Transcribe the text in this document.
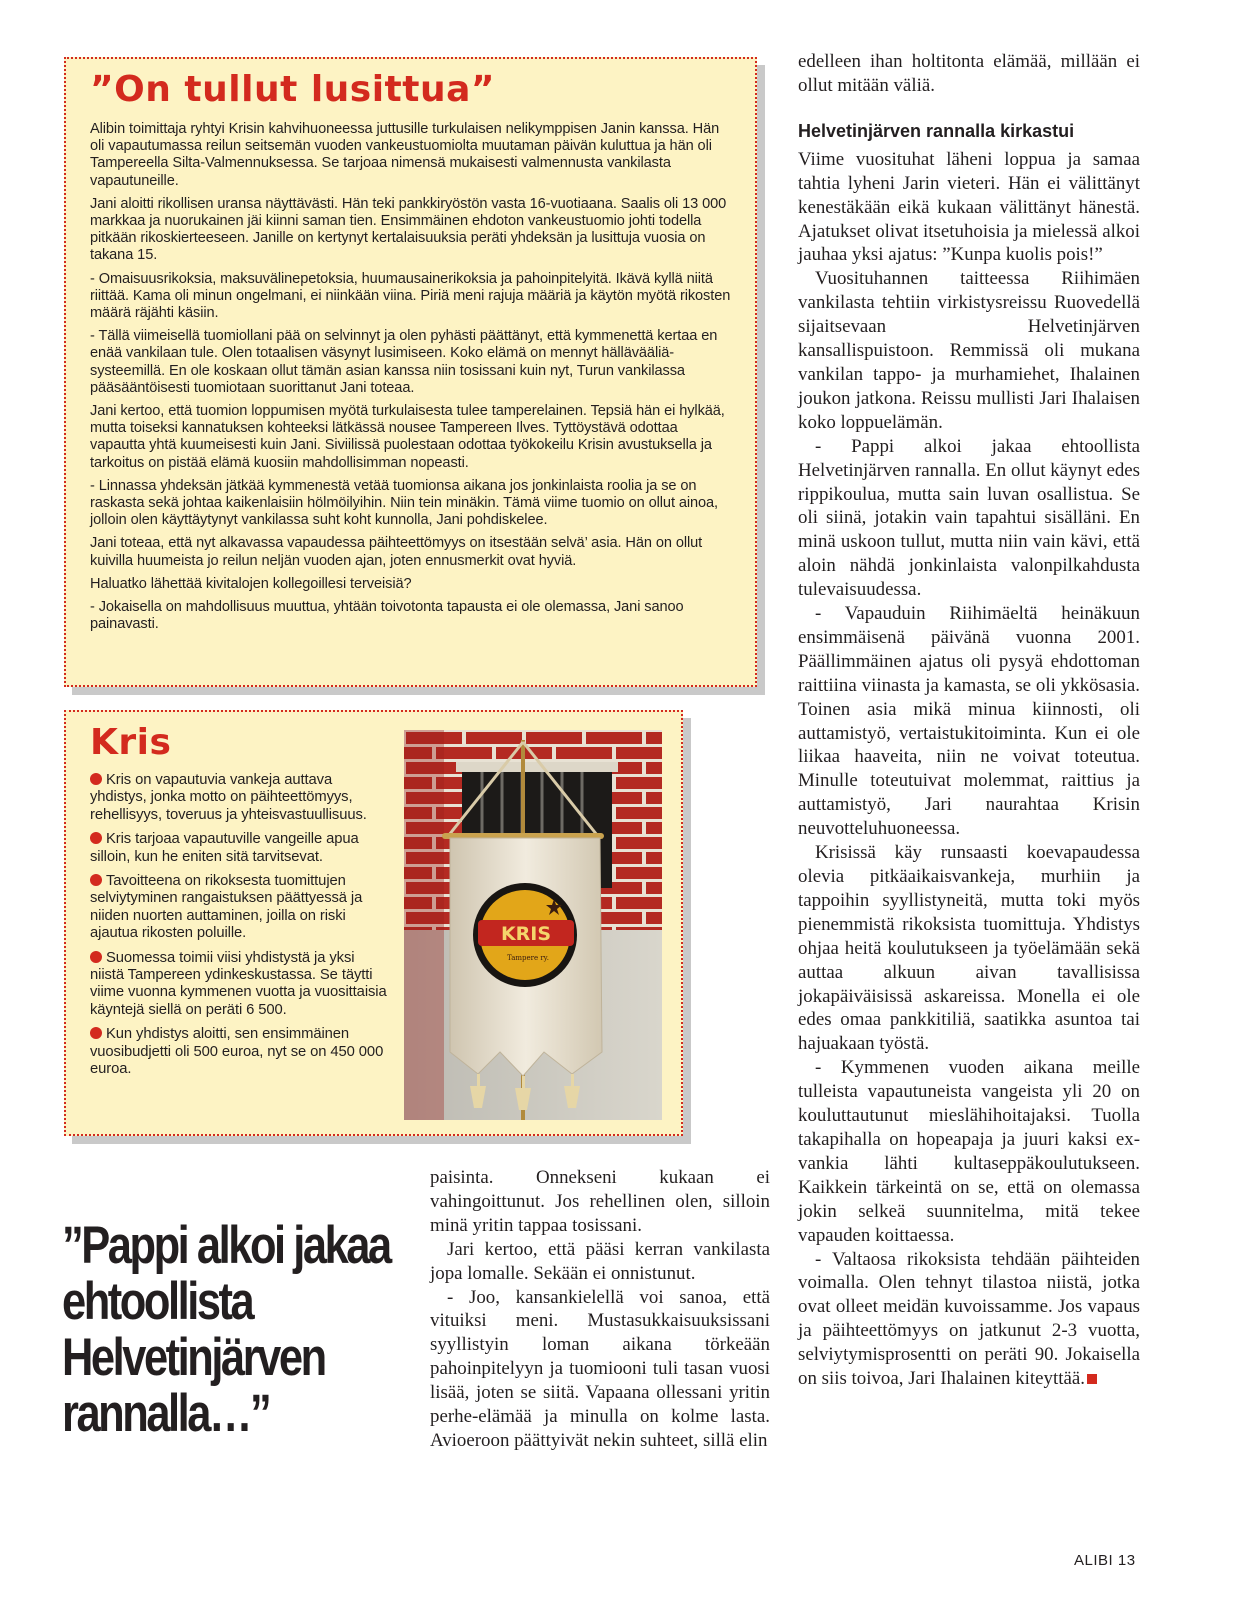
”On tullut lusittua”

Alibin toimittaja ryhtyi Krisin kahvihuoneessa juttusille turkulaisen nelikymppisen Janin kanssa. Hän oli vapautumassa reilun seitsemän vuoden vankeustuomiolta muutaman päivän kuluttua ja hän oli Tampereella Silta-Valmennuksessa. Se tarjoaa nimensä mukaisesti valmennusta vankilasta vapautuneille.

Jani aloitti rikollisen uransa näyttävästi. Hän teki pankkiryöstön vasta 16-vuotiaana. Saalis oli 13 000 markkaa ja nuorukainen jäi kiinni saman tien. Ensimmäinen ehdoton vankeustuomio johti todella pitkään rikoskierteeseen. Janille on kertynyt kertalaisuuksia peräti yhdeksän ja lusittuja vuosia on takana 15.

- Omaisuusrikoksia, maksuvälinepetoksia, huumausainerikoksia ja pahoinpitelyitä. Ikävä kyllä niitä riittää. Kama oli minun ongelmani, ei niinkään viina. Piriä meni rajuja määriä ja käytön myötä rikosten määrä räjähti käsiin.

- Tällä viimeisellä tuomiollani pää on selvinnyt ja olen pyhästi päättänyt, että kymmenettä kertaa en enää vankilaan tule. Olen totaalisen väsynyt lusimiseen. Koko elämä on mennyt hällävääliä-systeemillä. En ole koskaan ollut tämän asian kanssa niin tosissani kuin nyt, Turun vankilassa pääsääntöisesti tuomiotaan suorittanut Jani toteaa.

Jani kertoo, että tuomion loppumisen myötä turkulaisesta tulee tamperelainen. Tepsiä hän ei hylkää, mutta toiseksi kannatuksen kohteeksi lätkässä nousee Tampereen Ilves. Tyttöystävä odottaa vapautta yhtä kuumeisesti kuin Jani. Siviilissä puolestaan odottaa työkokeilu Krisin avustuksella ja tarkoitus on pistää elämä kuosiin mahdollisimman nopeasti.

- Linnassa yhdeksän jätkää kymmenestä vetää tuomionsa aikana jos jonkinlaista roolia ja se on raskasta sekä johtaa kaikenlaisiin hölmöilyihin. Niin tein minäkin. Tämä viime tuomio on ollut ainoa, jolloin olen käyttäytynyt vankilassa suht koht kunnolla, Jani pohdiskelee.

Jani toteaa, että nyt alkavassa vapaudessa päihteettömyys on itsestään selvä’ asia. Hän on ollut kuivilla huumeista jo reilun neljän vuoden ajan, joten ennusmerkit ovat hyviä.

Haluatko lähettää kivitalojen kollegoillesi terveisiä?

- Jokaisella on mahdollisuus muuttua, yhtään toivotonta tapausta ei ole olemassa, Jani sanoo painavasti.

Kris
Kris on vapautuvia vankeja auttava yhdistys, jonka motto on päihteettömyys, rehellisyys, toveruus ja yhteisvastuullisuus.
Kris tarjoaa vapautuville vangeille apua silloin, kun he eniten sitä tarvitsevat.
Tavoitteena on rikoksesta tuomittujen selviytyminen rangaistuksen päättyessä ja niiden nuorten auttaminen, joilla on riski ajautua rikosten poluille.
Suomessa toimii viisi yhdistystä ja yksi niistä Tampereen ydinkeskustassa. Se täytti viime vuonna kymmenen vuotta ja vuosittaisia käyntejä siellä on peräti 6 500.
Kun yhdistys aloitti, sen ensimmäinen vuosibudjetti oli 500 euroa, nyt se on 450 000 euroa.
KRIS
Tampere ry.
”Pappi alkoi jakaa ehtoollista Helvetinjärven rannalla…”

paisinta. Onnekseni kukaan ei vahingoittunut. Jos rehellinen olen, silloin minä yritin tappaa tosissani.

Jari kertoo, että pääsi kerran vankilasta jopa lomalle. Sekään ei onnistunut.

- Joo, kansankielellä voi sanoa, että vituiksi meni. Mustasukkaisuuksissani syyllistyin loman aikana törkeään pahoinpitelyyn ja tuomiooni tuli tasan vuosi lisää, joten se siitä. Vapaana ollessani yritin perhe-elämää ja minulla on kolme lasta. Avioeroon päättyivät nekin suhteet, sillä elin

edelleen ihan holtitonta elämää, millään ei ollut mitään väliä.

Helvetinjärven rannalla kirkastui

Viime vuosituhat läheni loppua ja samaa tahtia lyheni Jarin vieteri. Hän ei välittänyt kenestäkään eikä kukaan välittänyt hänestä. Ajatukset olivat itsetuhoisia ja mielessä alkoi jauhaa yksi ajatus: ”Kunpa kuolis pois!”

Vuosituhannen taitteessa Riihimäen vankilasta tehtiin virkistysreissu Ruovedellä sijaitsevaan Helvetinjärven kansallispuistoon. Remmissä oli mukana vankilan tappo- ja murhamiehet, Ihalainen joukon jatkona. Reissu mullisti Jari Ihalaisen koko loppuelämän.

- Pappi alkoi jakaa ehtoollista Helvetinjärven rannalla. En ollut käynyt edes rippikoulua, mutta sain luvan osallistua. Se oli siinä, jotakin vain tapahtui sisälläni. En minä uskoon tullut, mutta niin vain kävi, että aloin nähdä jonkinlaista valonpilkahdusta tulevaisuudessa.

- Vapauduin Riihimäeltä heinäkuun ensimmäisenä päivänä vuonna 2001. Päällimmäinen ajatus oli pysyä ehdottoman raittiina viinasta ja kamasta, se oli ykkösasia. Toinen asia mikä minua kiinnosti, oli auttamistyö, vertaistukitoiminta. Kun ei ole liikaa haaveita, niin ne voivat toteutua. Minulle toteutuivat molemmat, raittius ja auttamistyö, Jari naurahtaa Krisin neuvotteluhuoneessa.

Krisissä käy runsaasti koevapaudessa olevia pitkäaikaisvankeja, murhiin ja tappoihin syyllistyneitä, mutta toki myös pienemmistä rikoksista tuomittuja. Yhdistys ohjaa heitä koulutukseen ja työelämään sekä auttaa alkuun aivan tavallisissa jokapäiväisissä askareissa. Monella ei ole edes omaa pankkitiliä, saatikka asuntoa tai hajuakaan työstä.

- Kymmenen vuoden aikana meille tulleista vapautuneista vangeista yli 20 on kouluttautunut mieslähihoitajaksi. Tuolla takapihalla on hopeapaja ja juuri kaksi ex-vankia lähti kultaseppäkoulutukseen. Kaikkein tärkeintä on se, että on olemassa jokin selkeä suunnitelma, mitä tekee vapauden koittaessa.

- Valtaosa rikoksista tehdään päihteiden voimalla. Olen tehnyt tilastoa niistä, jotka ovat olleet meidän kuvoissamme. Jos vapaus ja päihteettömyys on jatkunut 2-3 vuotta, selviytymisprosentti on peräti 90. Jokaisella on siis toivoa, Jari Ihalainen kiteyttää.

ALIBI 13
